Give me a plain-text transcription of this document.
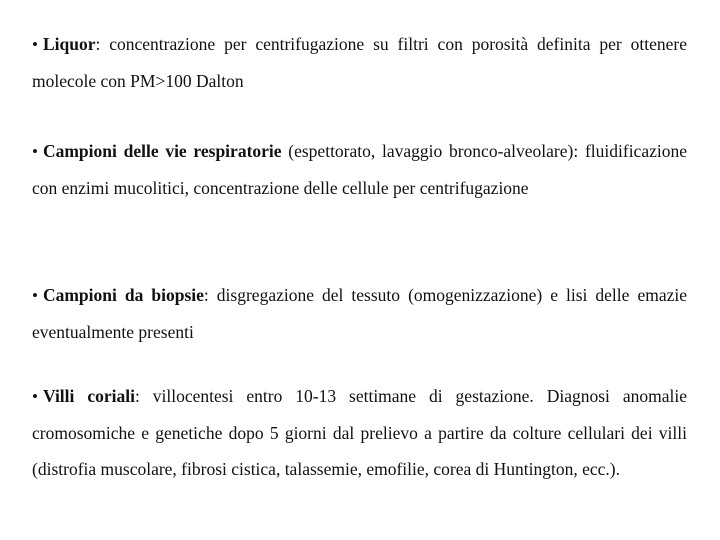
• Liquor: concentrazione per centrifugazione su filtri con porosità definita per ottenere molecole con PM>100 Dalton

• Campioni delle vie respiratorie (espettorato, lavaggio bronco-alveolare): fluidificazione con enzimi mucolitici, concentrazione delle cellule per centrifugazione

• Campioni da biopsie: disgregazione del tessuto (omogenizzazione) e lisi delle emazie eventualmente presenti

• Villi coriali: villocentesi entro 10-13 settimane di gestazione. Diagnosi anomalie cromosomiche e genetiche dopo 5 giorni dal prelievo a partire da colture cellulari dei villi (distrofia muscolare, fibrosi cistica, talassemie, emofilie, corea di Huntington, ecc.).
